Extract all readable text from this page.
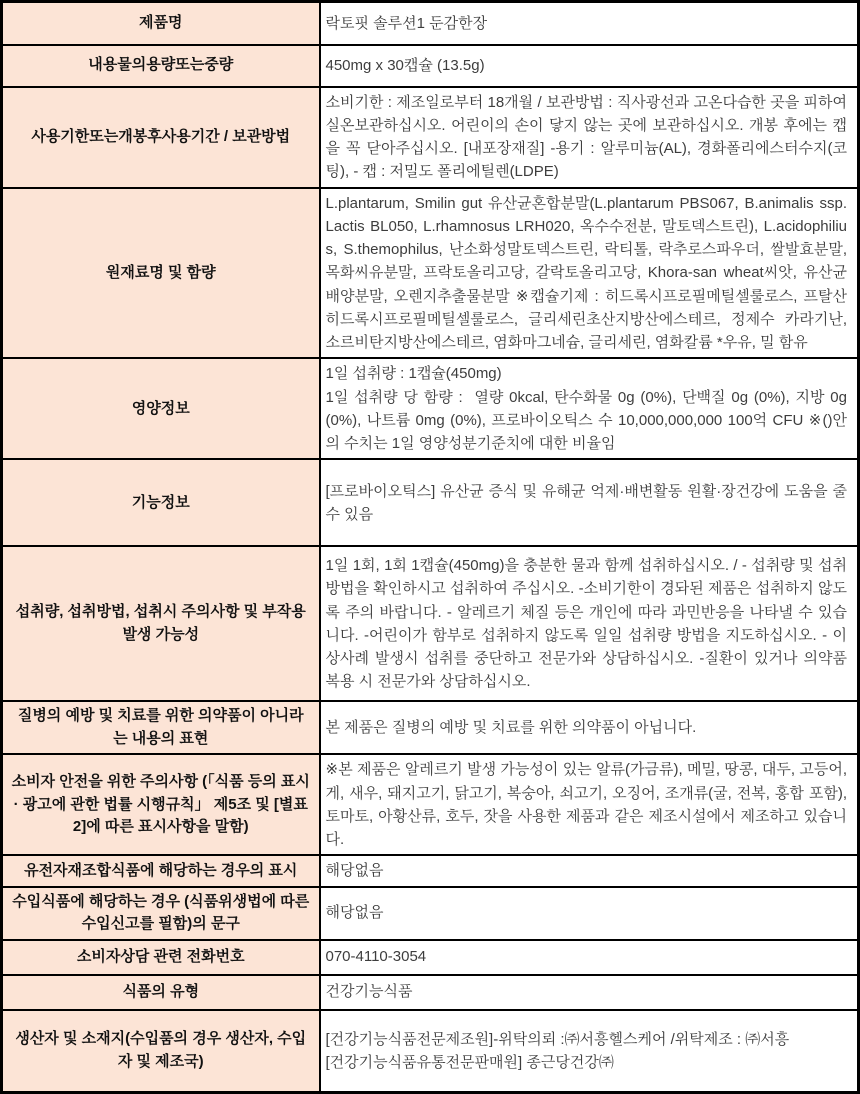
제품명	락토핏 솔루션1 둔감한장
내용물의용량또는중량	450mg x 30캡슐 (13.5g)
사용기한또는개봉후사용기간 / 보관방법	소비기한 : 제조일로부터 18개월 / 보관방법 : 직사광선과 고온다습한 곳을 피하여 실온보관하십시오. 어린이의 손이 닿지 않는 곳에 보관하십시오. 개봉 후에는 캡을 꼭 닫아주십시오. [내포장재질] -용기 : 알루미늄(AL), 경화폴리에스터수지(코팅), - 캡 : 저밀도 폴리에틸렌(LDPE)
원재료명 및 함량	L.plantarum, Smilin gut 유산균혼합분말(L.plantarum PBS067, B.animalis ssp. Lactis BL050, L.rhamnosus LRH020, 옥수수전분, 말토덱스트린), L.acidophilius, S.themophilus, 난소화성말토덱스트린, 락티톨, 락추로스파우더, 쌀발효분말, 목화씨유분말, 프락토올리고당, 갈락토올리고당, Khora-san wheat씨앗, 유산균배양분말, 오렌지추출물분말 ※캡슐기제 : 히드록시프로필메틸셀룰로스, 프탈산히드록시프로필메틸셀룰로스, 글리세린초산지방산에스테르, 정제수 카라기난, 소르비탄지방산에스테르, 염화마그네슘, 글리세린, 염화칼륨 *우유, 밀 함유
영양정보	1일 섭취량 : 1캡슐(450mg)
1일 섭취량 당 함량 :  열량 0kcal, 탄수화물 0g (0%), 단백질 0g (0%), 지방 0g (0%), 나트륨 0mg (0%), 프로바이오틱스 수 10,000,000,000 100억 CFU ※()안의 수치는 1일 영양성분기준치에 대한 비율임
기능정보	[프로바이오틱스] 유산균 증식 및 유해균 억제·배변활동 원활·장건강에 도움을 줄 수 있음
섭취량, 섭취방법, 섭취시 주의사항 및 부작용 발생 가능성	1일 1회, 1회 1캡슐(450mg)을 충분한 물과 함께 섭취하십시오. / - 섭취량 및 섭취방법을 확인하시고 섭취하여 주십시오. -소비기한이 경돠된 제품은 섭취하지 않도록 주의 바랍니다. - 알레르기 체질 등은 개인에 따라 과민반응을 나타낼 수 있습니다. -어린이가 함부로 섭취하지 않도록 일일 섭취량 방법을 지도하십시오. - 이상사례 발생시 섭취를 중단하고 전문가와 상담하십시오. -질환이 있거나 의약품 복용 시 전문가와 상담하십시오.
질병의 예방 및 치료를 위한 의약품이 아니라는 내용의 표현	본 제품은 질병의 예방 및 치료를 위한 의약품이 아닙니다.
소비자 안전을 위한 주의사항 (「식품 등의 표시 · 광고에 관한 법률 시행규칙」 제5조 및 [별표 2]에 따른 표시사항을 말함)	※본 제품은 알레르기 발생 가능성이 있는 알류(가금류), 메밀, 땅콩, 대두, 고등어, 게, 새우, 돼지고기, 닭고기, 복숭아, 쇠고기, 오징어, 조개류(굴, 전복, 홍합 포함), 토마토, 아황산류, 호두, 잣을 사용한 제품과 같은 제조시설에서 제조하고 있습니다.
유전자재조합식품에 해당하는 경우의 표시	해당없음
수입식품에 해당하는 경우 (식품위생법에 따른 수입신고를 필함)의 문구	해당없음
소비자상담 관련 전화번호	070-4110-3054
식품의 유형	건강기능식품
생산자 및 소재지(수입품의 경우 생산자, 수입자 및 제조국)	[건강기능식품전문제조원]-위탁의뢰 :㈜서흥헬스케어 /위탁제조 : ㈜서흥
[건강기능식품유통전문판매원] 종근당건강㈜
